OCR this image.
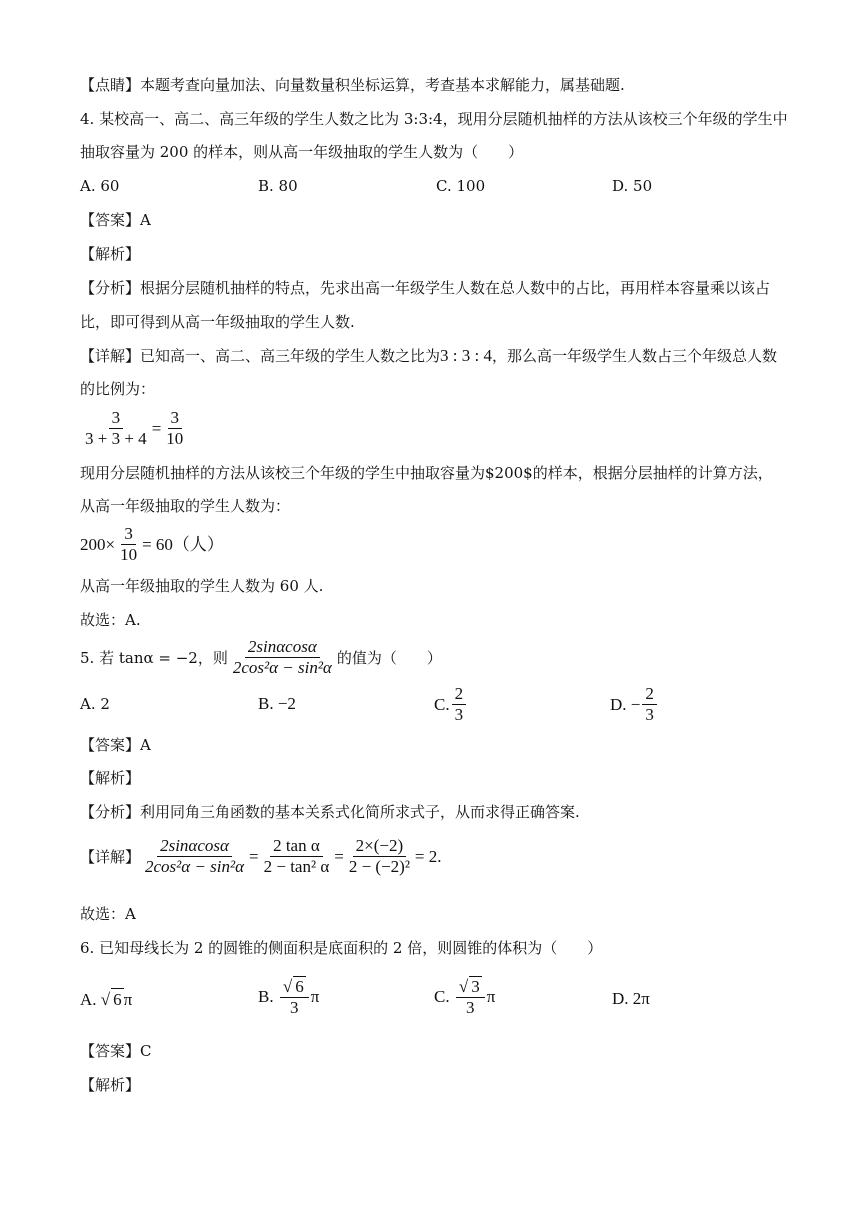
【点睛】本题考查向量加法、向量数量积坐标运算，考查基本求解能力，属基础题.
4. 某校高一、高二、高三年级的学生人数之比为 3:3:4，现用分层随机抽样的方法从该校三个年级的学生中
抽取容量为 200 的样本，则从高一年级抽取的学生人数为（　　）
A. 60	B. 80	C. 100	D. 50
【答案】A
【解析】
【分析】根据分层随机抽样的特点，先求出高一年级学生人数在总人数中的占比，再用样本容量乘以该占
比，即可得到从高一年级抽取的学生人数.
【详解】已知高一、高二、高三年级的学生人数之比为3 : 3 : 4，那么高一年级学生人数占三个年级总人数
的比例为：
$\frac{3}{3 + 3 + 4} = \frac{3}{10}$
现用分层随机抽样的方法从该校三个年级的学生中抽取容量为$200$的样本，根据分层抽样的计算方法，
从高一年级抽取的学生人数为：
$200\times \frac{3}{10} = 60$（人）
从高一年级抽取的学生人数为 60 人.
故选：A.
5. 若 tanα = −2，则 $\frac{2\sin\alpha\cos\alpha}{\text{2cos²α − sin²α}}$ 的值为（　　）
A. 2	B. −2	C. $\frac{2}{3}$	D. − $\frac{2}{3}$
【答案】A
【解析】
【分析】利用同角三角函数的基本关系式化简所求式子，从而求得正确答案.
【详解】 $\frac{2\sin\alpha\cos\alpha}{\text{2cos²α − sin²α}} = \frac{\text{2 tan α}}{\text{2 − tan² α}} = \frac{2\times(-2)}{\text{2 − (−2)²}} = 2$.
故选：A
6. 已知母线长为 2 的圆锥的侧面积是底面积的 2 倍，则圆锥的体积为（　　）
A.
√ 6 π	B.
$\frac{√ 6}{3}$ π	C.
$\frac{√ 3}{3}$ π	D. 2π
【答案】C
【解析】
